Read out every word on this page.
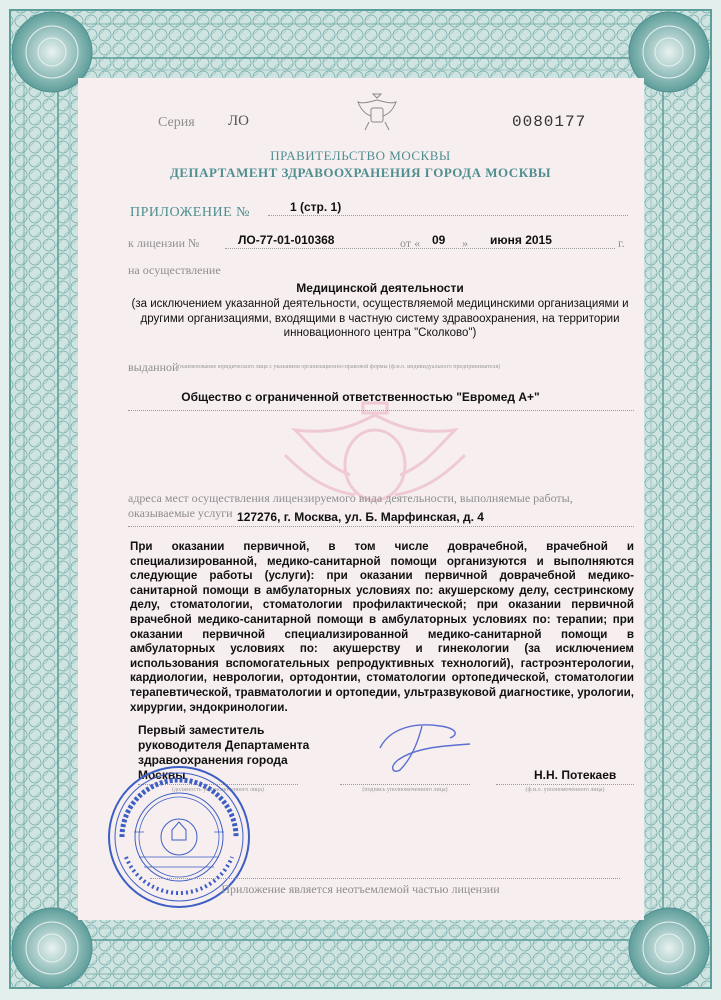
Серия ЛО	0080177
ПРАВИТЕЛЬСТВО МОСКВЫ
ДЕПАРТАМЕНТ ЗДРАВООХРАНЕНИЯ ГОРОДА МОСКВЫ
ПРИЛОЖЕНИЕ №	1 (стр. 1)
к лицензии №	ЛО-77-01-010368	от « 09 » июня 2015	г.
на осуществление
Медицинской деятельности
(за исключением указанной деятельности, осуществляемой медицинскими организациями и другими организациями, входящими в частную систему здравоохранения, на территории инновационного центра "Сколково")
выданной (наименование юридического лица с указанием организационно-правовой формы (ф.и.о. индивидуального предпринимателя)
Общество с ограниченной ответственностью "Евромед А+"
адреса мест осуществления лицензируемого вида деятельности, выполняемые работы, оказываемые услуги 127276, г. Москва, ул. Б. Марфинская, д. 4
При оказании первичной, в том числе доврачебной, врачебной и специализированной, медико-санитарной помощи организуются и выполняются следующие работы (услуги): при оказании первичной доврачебной медико-санитарной помощи в амбулаторных условиях по: акушерскому делу, сестринскому делу, стоматологии, стоматологии профилактической; при оказании первичной врачебной медико-санитарной помощи в амбулаторных условиях по: терапии; при оказании первичной специализированной медико-санитарной помощи в амбулаторных условиях по: акушерству и гинекологии (за исключением использования вспомогательных репродуктивных технологий), гастроэнтерологии, кардиологии, неврологии, ортодонтии, стоматологии ортопедической, стоматологии терапевтической, травматологии и ортопедии, ультразвуковой диагностике, урологии, хирургии, эндокринологии.
Первый заместитель руководителя Департамента здравоохранения города Москвы	Н.Н. Потекаев
(должность уполномоченного лица)	(подпись уполномоченного лица)	(ф.и.о. уполномоченного лица)
Приложение является неотъемлемой частью лицензии
